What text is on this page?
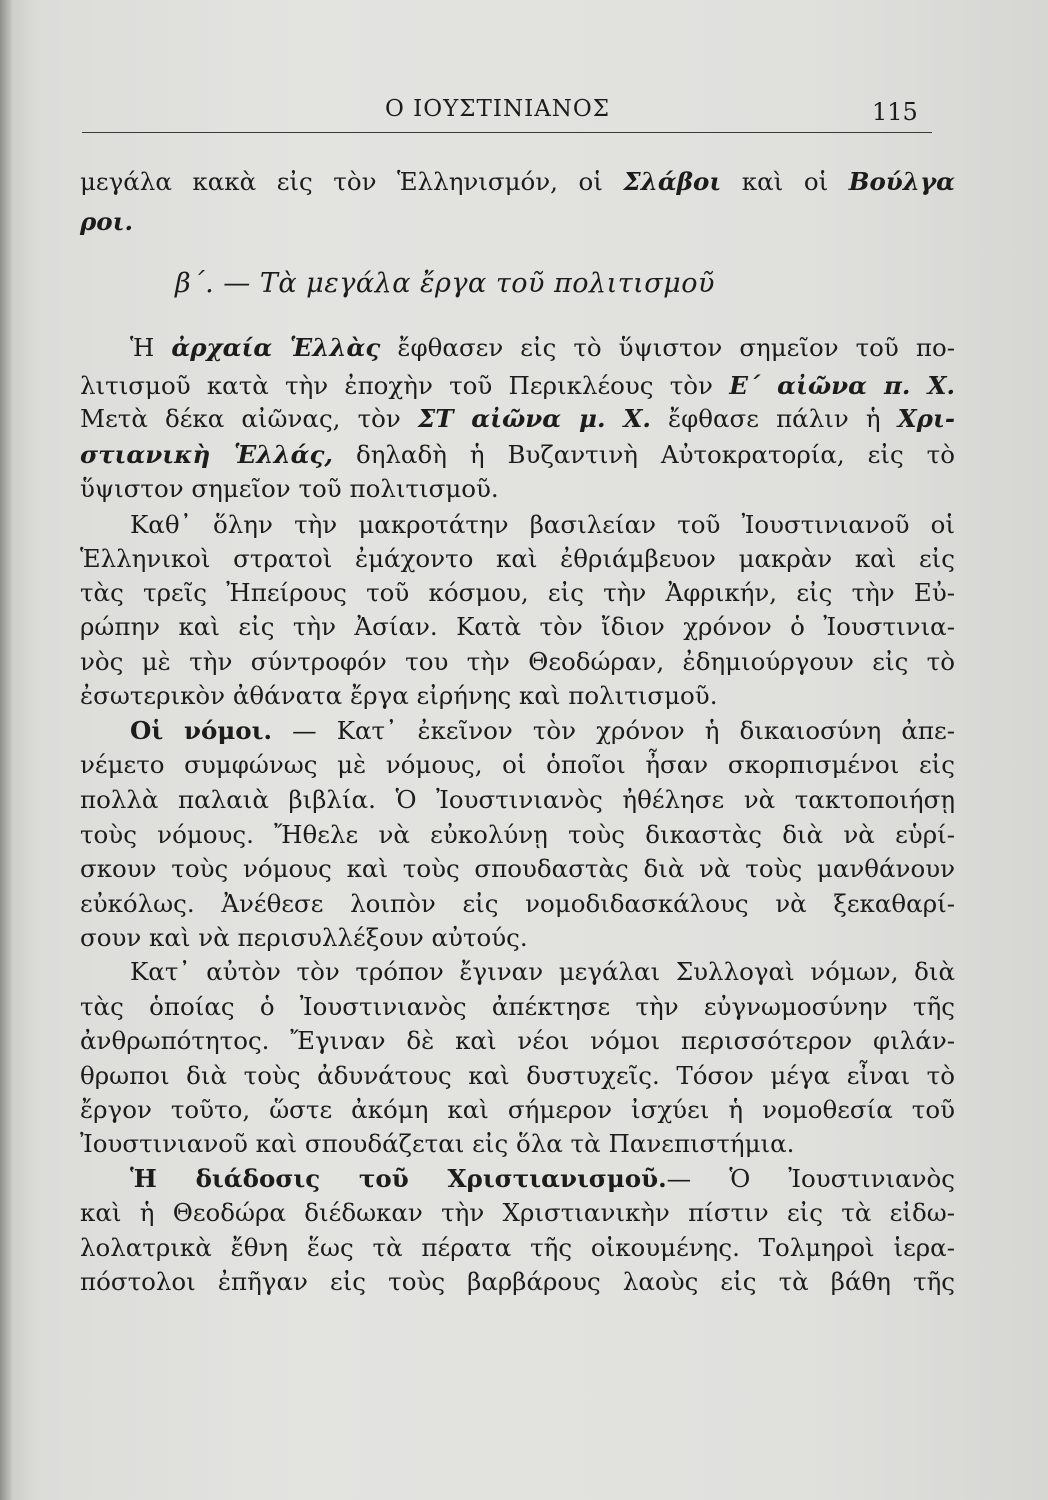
Ο ΙΟΥΣΤΙΝΙΑΝΟΣ	115
μεγάλα κακὰ εἰς τὸν Ἑλληνισμόν, οἱ Σλάβοι καὶ οἱ Βούλγα
ροι.
β΄. — Τὰ μεγάλα ἔργα τοῦ πολιτισμοῦ
Ἡ ἀρχαία Ἑλλὰς ἔφθασεν εἰς τὸ ὕψιστον σημεῖον τοῦ πο-
λιτισμοῦ κατὰ τὴν ἐποχὴν τοῦ Περικλέους τὸν Ε΄ αἰῶνα π. Χ.
Μετὰ δέκα αἰῶνας, τὸν ΣΤ αἰῶνα μ. Χ. ἔφθασε πάλιν ἡ Χρι-
στιανικὴ Ἑλλάς, δηλαδὴ ἡ Βυζαντινὴ Αὐτοκρατορία, εἰς τὸ
ὕψιστον σημεῖον τοῦ πολιτισμοῦ.
Καθ᾽ ὅλην τὴν μακροτάτην βασιλείαν τοῦ Ἰουστινιανοῦ οἱ
Ἑλληνικοὶ στρατοὶ ἐμάχοντο καὶ ἐθριάμβευον μακρὰν καὶ εἰς
τὰς τρεῖς Ἠπείρους τοῦ κόσμου, εἰς τὴν Ἀφρικήν, εἰς τὴν Εὐ-
ρώπην καὶ εἰς τὴν Ἀσίαν. Κατὰ τὸν ἴδιον χρόνον ὁ Ἰουστινια-
νὸς μὲ τὴν σύντροφόν του τὴν Θεοδώραν, ἐδημιούργουν εἰς τὸ
ἐσωτερικὸν ἀθάνατα ἔργα εἰρήνης καὶ πολιτισμοῦ.
Οἱ νόμοι. — Κατ᾽ ἐκεῖνον τὸν χρόνον ἡ δικαιοσύνη ἀπε-
νέμετο συμφώνως μὲ νόμους, οἱ ὁποῖοι ἦσαν σκορπισμένοι εἰς
πολλὰ παλαιὰ βιβλία. Ὁ Ἰουστινιανὸς ἠθέλησε νὰ τακτοποιήσῃ
τοὺς νόμους. Ἤθελε νὰ εὐκολύνῃ τοὺς δικαστὰς διὰ νὰ εὑρί-
σκουν τοὺς νόμους καὶ τοὺς σπουδαστὰς διὰ νὰ τοὺς μανθάνουν
εὐκόλως. Ἀνέθεσε λοιπὸν εἰς νομοδιδασκάλους νὰ ξεκαθαρί-
σουν καὶ νὰ περισυλλέξουν αὐτούς.
Κατ᾽ αὐτὸν τὸν τρόπον ἔγιναν μεγάλαι Συλλογαὶ νόμων, διὰ
τὰς ὁποίας ὁ Ἰουστινιανὸς ἀπέκτησε τὴν εὐγνωμοσύνην τῆς
ἀνθρωπότητος. Ἔγιναν δὲ καὶ νέοι νόμοι περισσότερον φιλάν-
θρωποι διὰ τοὺς ἀδυνάτους καὶ δυστυχεῖς. Τόσον μέγα εἶναι τὸ
ἔργον τοῦτο, ὥστε ἀκόμη καὶ σήμερον ἰσχύει ἡ νομοθεσία τοῦ
Ἰουστινιανοῦ καὶ σπουδάζεται εἰς ὅλα τὰ Πανεπιστήμια.
Ἡ διάδοσις τοῦ Χριστιανισμοῦ.— Ὁ Ἰουστινιανὸς
καὶ ἡ Θεοδώρα διέδωκαν τὴν Χριστιανικὴν πίστιν εἰς τὰ εἰδω-
λολατρικὰ ἔθνη ἕως τὰ πέρατα τῆς οἰκουμένης. Τολμηροὶ ἱερα-
πόστολοι ἐπῆγαν εἰς τοὺς βαρβάρους λαοὺς εἰς τὰ βάθη τῆς
